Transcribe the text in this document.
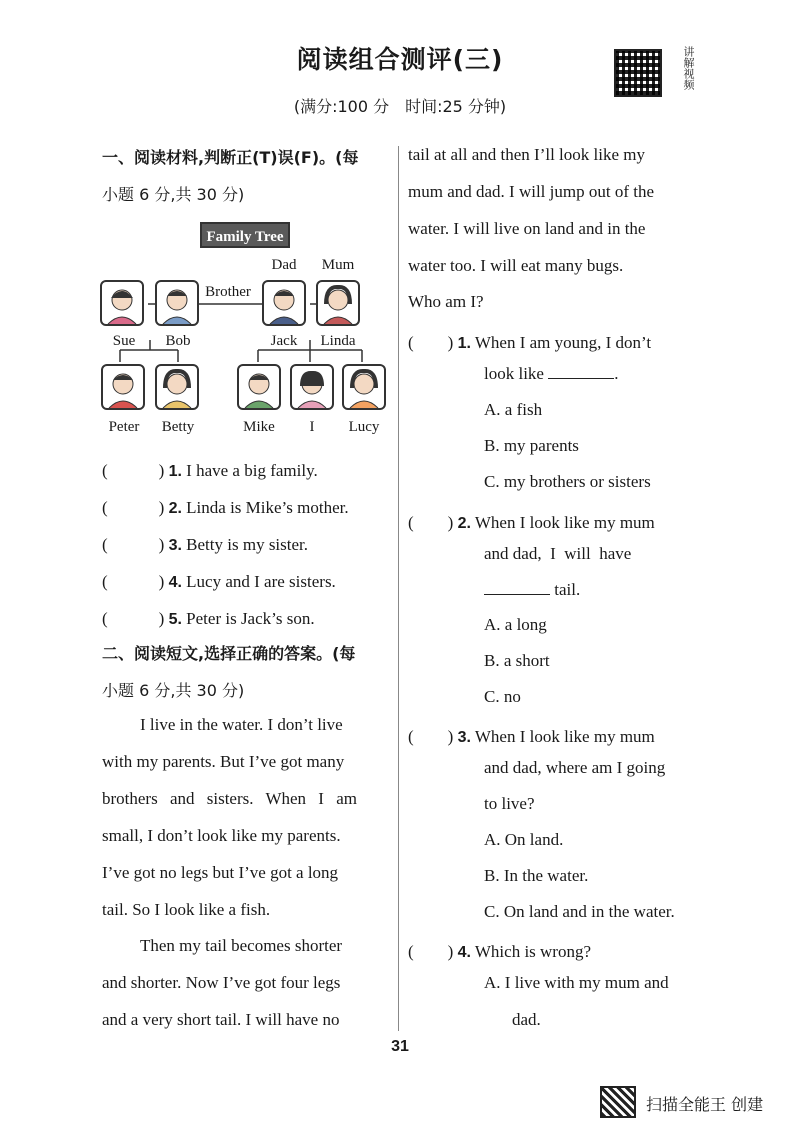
阅读组合测评(三)
(满分:100 分　时间:25 分钟)
讲解视频
一、阅读材料,判断正(T)误(F)。(每
小题 6 分,共 30 分)
Family Tree
Dad	Mum
Brother
Sue	Bob	Jack	Linda
Peter	Betty	Mike	I	Lucy
(　　　) 1. I have a big family.
(　　　) 2. Linda is Mike’s mother.
(　　　) 3. Betty is my sister.
(　　　) 4. Lucy and I are sisters.
(　　　) 5. Peter is Jack’s son.
二、阅读短文,选择正确的答案。(每
小题 6 分,共 30 分)
I live in the water. I don’t live
with my parents. But I’ve got many
brothers and sisters. When I am
small, I don’t look like my parents.
I’ve got no legs but I’ve got a long
tail. So I look like a fish.
Then my tail becomes shorter
and shorter. Now I’ve got four legs
and a very short tail. I will have no
tail at all and then I’ll look like my
mum and dad. I will jump out of the
water. I will live on land and in the
water too. I will eat many bugs.
Who am I?
(　　) 1. When I am young, I don’t
look like	.
A. a fish
B. my parents
C. my brothers or sisters
(　　) 2. When I look like my mum
and dad,  I  will  have
tail.
A. a long
B. a short
C. no
(　　) 3. When I look like my mum
and dad, where am I going
to live?
A. On land.
B. In the water.
C. On land and in the water.
(　　) 4. Which is wrong?
A. I live with my mum and
dad.
31
扫描全能王 创建
